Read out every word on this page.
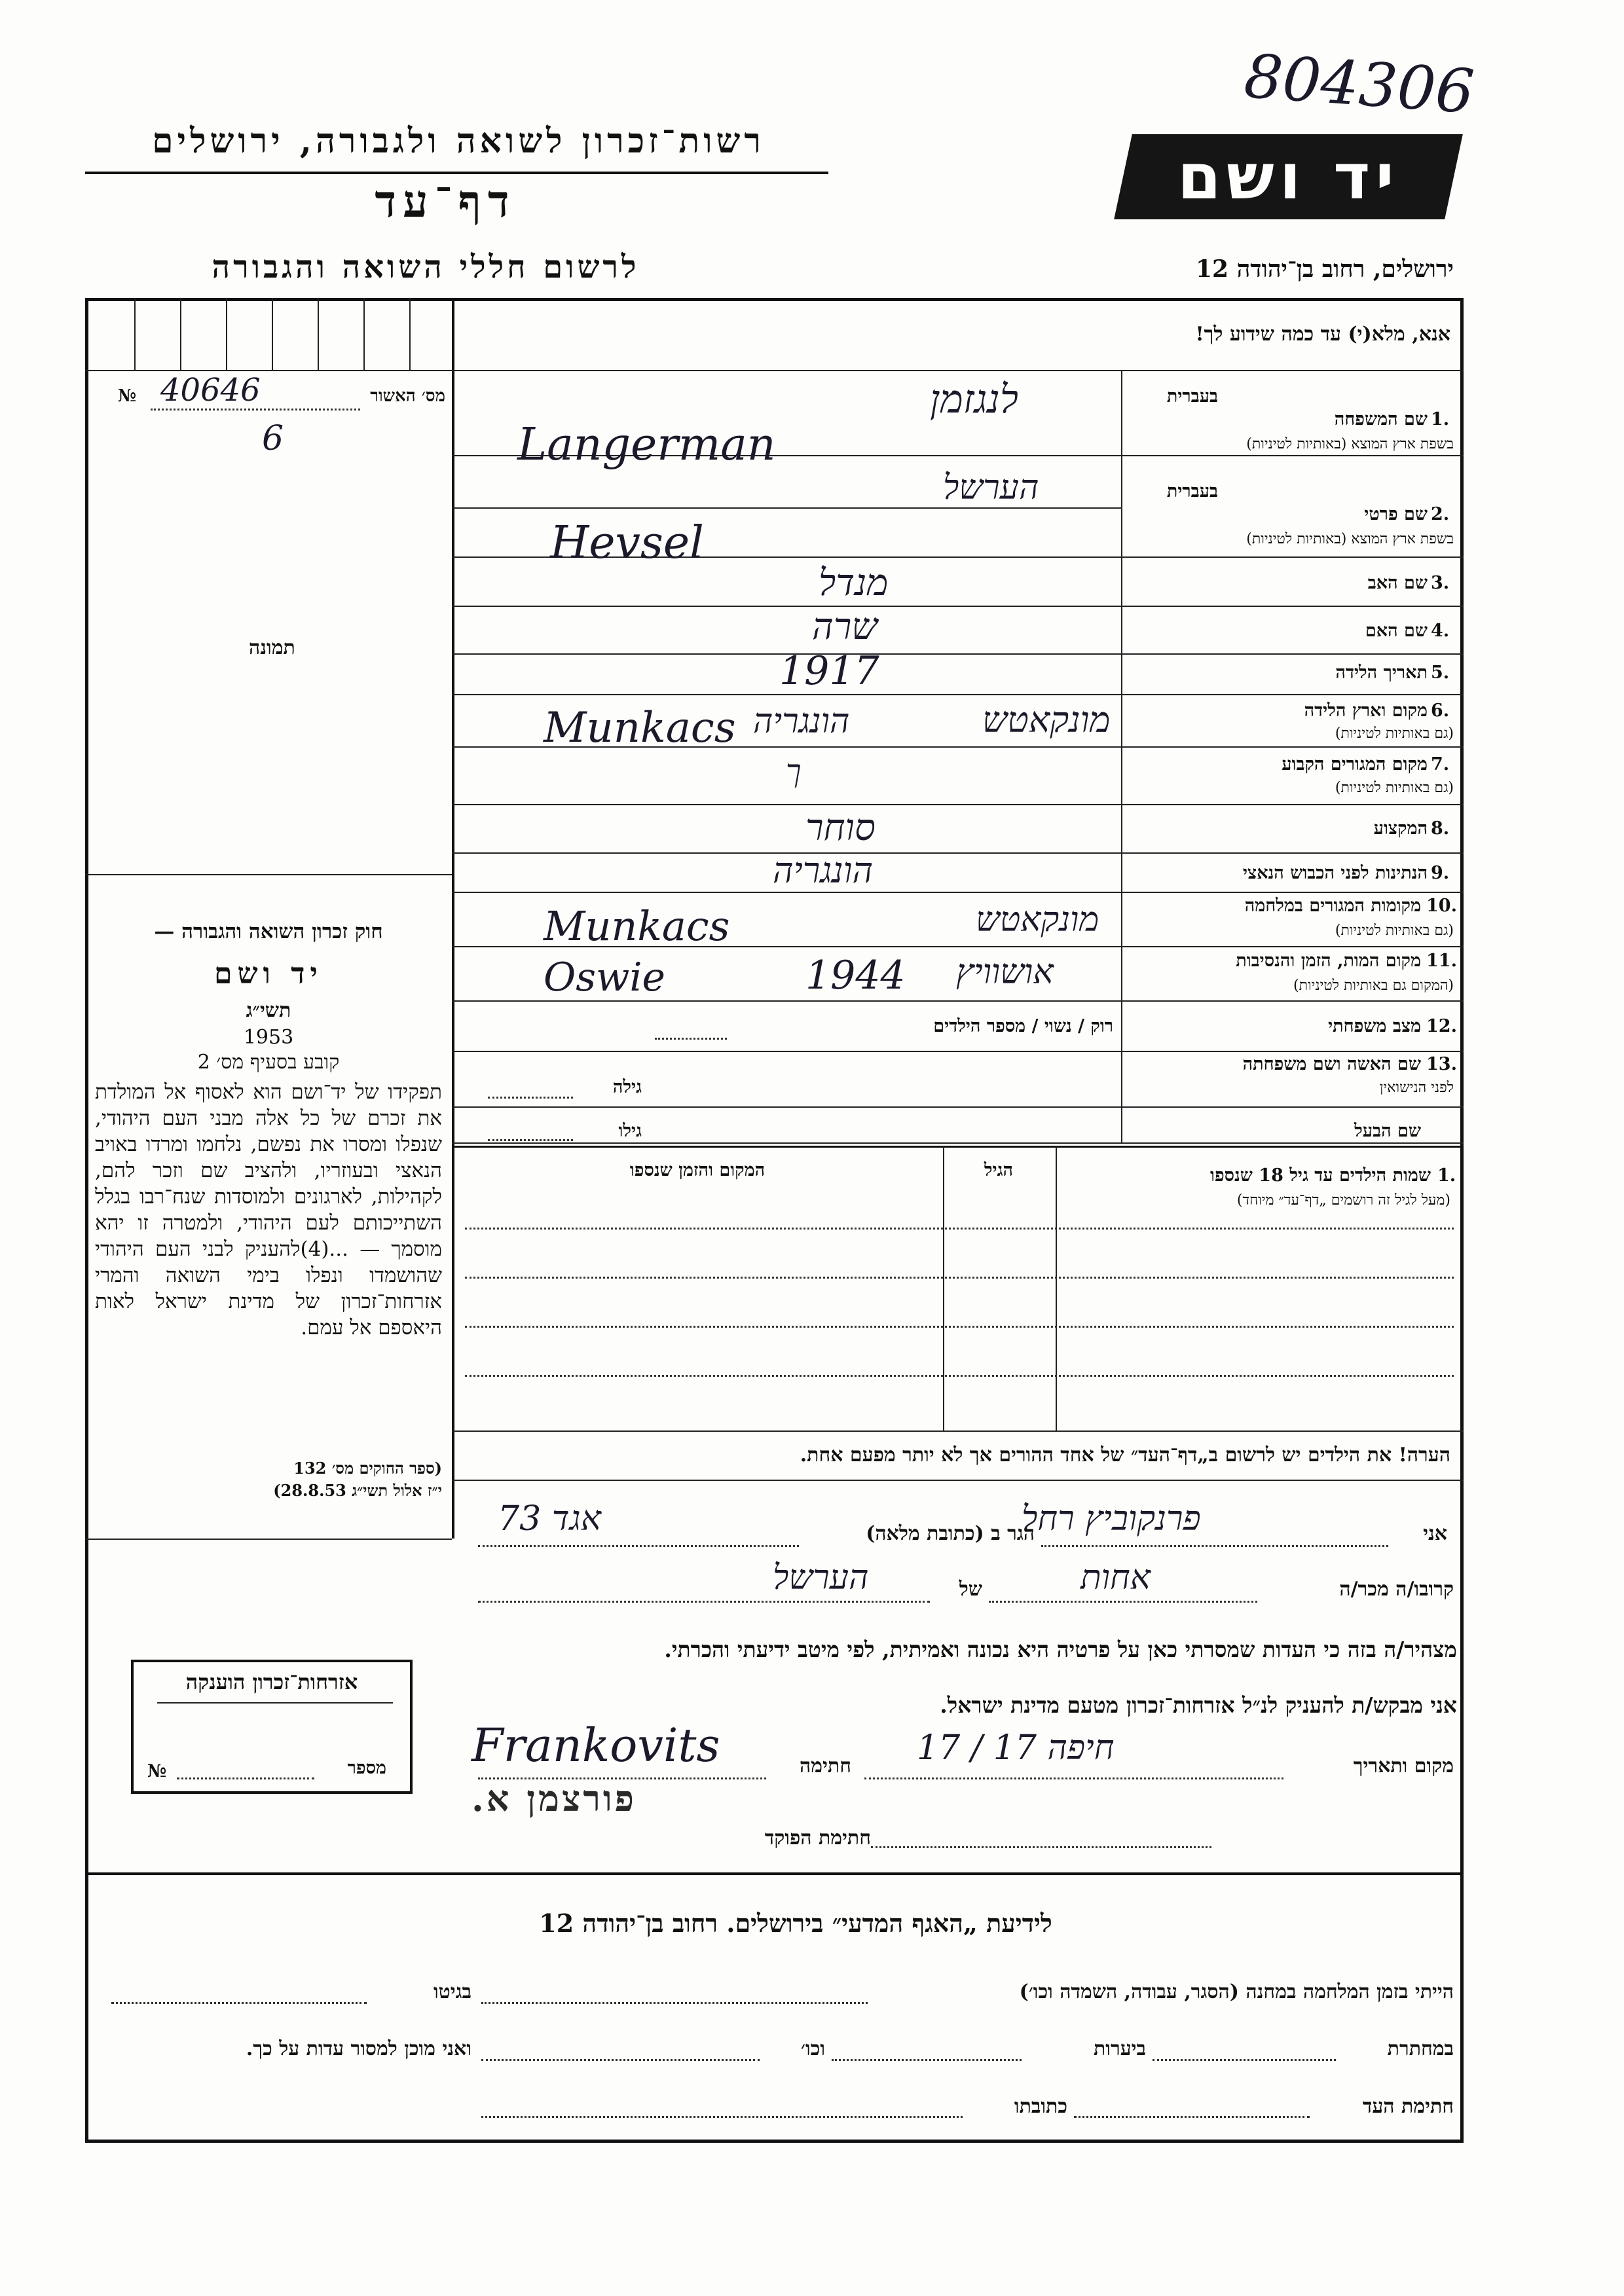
804306
רשות־זכרון לשואה ולגבורה, ירושלים
דף־עד
לרשום חללי השואה והגבורה
יד ושם
ירושלים, רחוב בן־יהודה 12
אנא, מלא(י) עד כמה שידוע לך!
№ 40646	מס׳ האשור
6
תמונה
חוק זכרון השואה והגבורה —
יד ושם
תשי״ג
1953
קובע בסעיף מס׳ 2
תפקידו של יד־ושם הוא לאסוף אל המולדת את זכרם של כל אלה מבני העם היהודי, שנפלו ומסרו את נפשם, נלחמו ומרדו באויב הנאצי ובעוזריו, ולהציב שם וזכר להם, לקהילות, לארגונים ולמוסדות שנח־רבו בגלל השתייכותם לעם היהודי, ולמטרה זו יהא מוסמך — ...(4)להעניק לבני העם היהודי שהושמדו ונפלו בימי השואה והמרי אזרחות־זכרון של מדינת ישראל לאות היאספם אל עמם.
(ספר החוקים מס׳ 132
י״ז אלול תשי״ג 28.8.53)
בעברית
1.
שם המשפחה
בשפת ארץ המוצא (באותיות לטיניות)
לנגזמן
Langerman
בעברית
2.
שם פרטי
בשפת ארץ המוצא (באותיות לטיניות)
הערשל
Hevsel
3.
שם האב
מנדל
4.
שם האם
שרה
5.
תאריך הלידה
1917
6.
מקום וארץ הלידה
(גם באותיות לטיניות)
מונקאטש
הונגריה
Munkacs
7.
מקום המגורים הקבוע
(גם באותיות לטיניות)
ך
8.
המקצוע
סוחר
9.
הנתינות לפני הכבוש הנאצי
הונגריה
10.
מקומות המגורים במלחמה
(גם באותיות לטיניות)
מונקאטש
Munkacs
11.
מקום המות, הזמן והנסיבות
(המקום גם באותיות לטיניות)
אושוויץ
1944
Oswie
12.
מצב משפחתי
רוק / נשוי / מספר הילדים
13.
שם האשה ושם משפחתה
לפני הנישואין
גילה
שם הבעל
גילו
1.
שמות הילדים עד גיל 18 שנספו
(מעל לגיל זה רושמים „דף־עד״ מיוחד)
הגיל
המקום והזמן שנספו
הערה! את הילדים יש לרשום ב„דף־העד״ של אחד ההורים אך לא יותר מפעם אחת.
אני
פרנקוביץ רחל
הגר ב (כתובת מלאה)
אגד 73
קרובו/ה מכר/ה
אחות
של
הערשל
מצהיר/ה בזה כי העדות שמסרתי כאן על פרטיה היא נכונה ואמיתית, לפי מיטב ידיעתי והכרתי.
אני מבקש/ת להעניק לנ״ל אזרחות־זכרון מטעם מדינת ישראל.
מקום ותאריך
חיפה 17 / 17
חתימה
Frankovits
פורצמן א.
חתימת הפוקד
אזרחות־זכרון הוענקה
מספר
№
לידיעת „האגף המדעי״ בירושלים. רחוב בן־יהודה 12
הייתי בזמן המלחמה במחנה (הסגר, עבודה, השמדה וכו׳)
בגיטו
במחתרת
ביערות
וכו׳
ואני מוכן למסור עדות על כך.
חתימת העד
כתובתו
